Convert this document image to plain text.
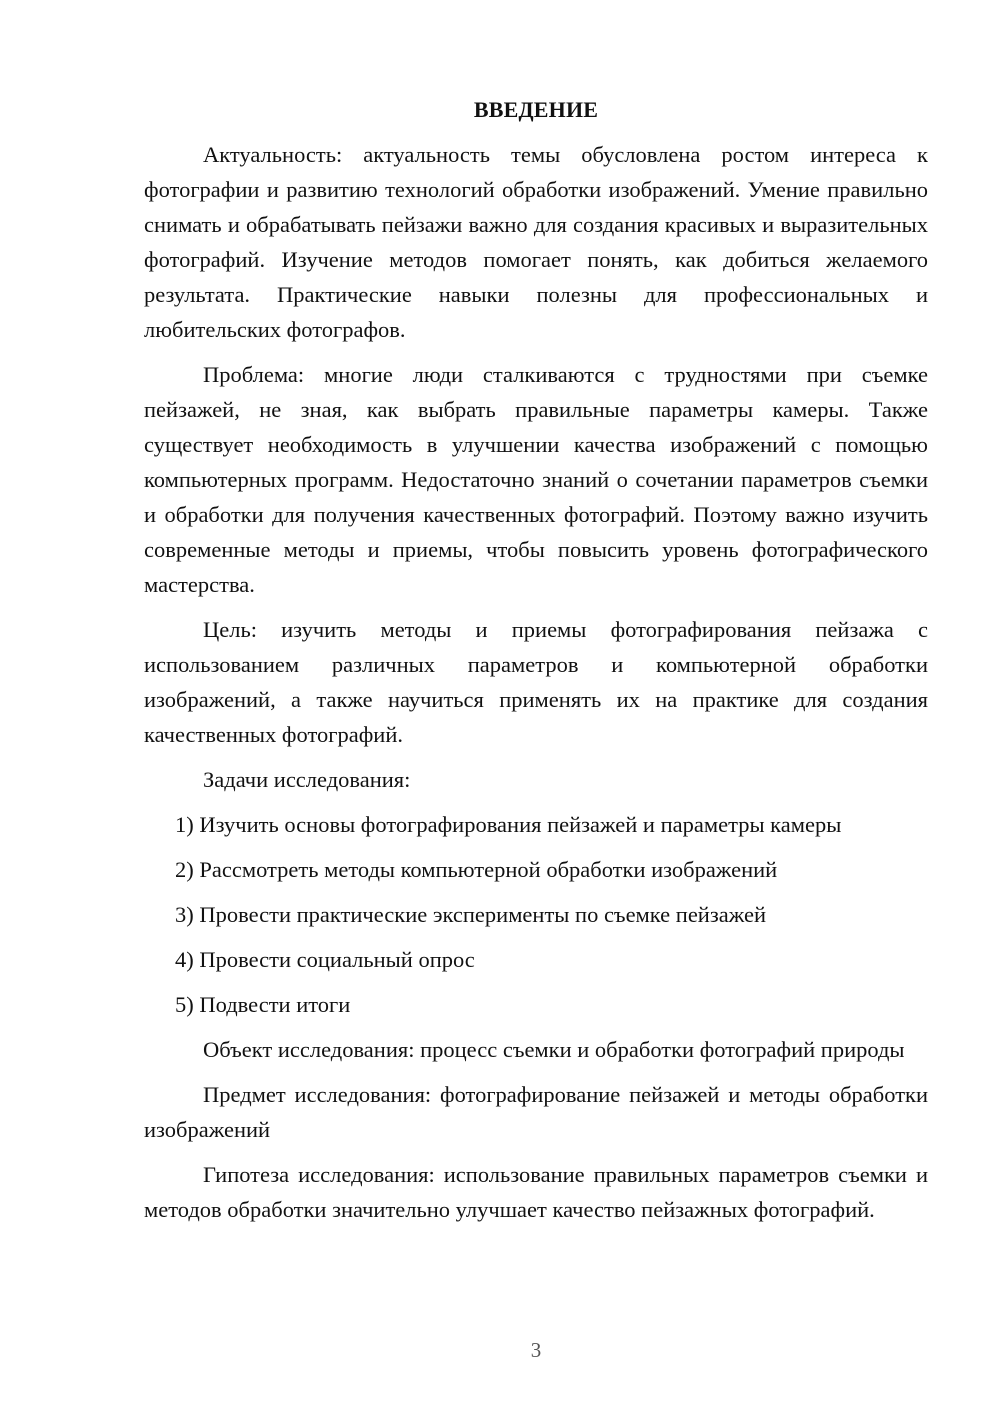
ВВЕДЕНИЕ

Актуальность: актуальность темы обусловлена ростом интереса к фотографии и развитию технологий обработки изображений. Умение правильно снимать и обрабатывать пейзажи важно для создания красивых и выразительных фотографий. Изучение методов помогает понять, как добиться желаемого результата. Практические навыки полезны для профессиональных и любительских фотографов.

Проблема: многие люди сталкиваются с трудностями при съемке пейзажей, не зная, как выбрать правильные параметры камеры. Также существует необходимость в улучшении качества изображений с помощью компьютерных программ. Недостаточно знаний о сочетании параметров съемки и обработки для получения качественных фотографий. Поэтому важно изучить современные методы и приемы, чтобы повысить уровень фотографического мастерства.

Цель: изучить методы и приемы фотографирования пейзажа с использованием различных параметров и компьютерной обработки изображений, а также научиться применять их на практике для создания качественных фотографий.

Задачи исследования:

1) Изучить основы фотографирования пейзажей и параметры камеры
2) Рассмотреть методы компьютерной обработки изображений
3) Провести практические эксперименты по съемке пейзажей
4) Провести социальный опрос
5) Подвести итоги

Объект исследования: процесс съемки и обработки фотографий природы

Предмет исследования: фотографирование пейзажей и методы обработки изображений

Гипотеза исследования: использование правильных параметров съемки и методов обработки значительно улучшает качество пейзажных фотографий.

3
